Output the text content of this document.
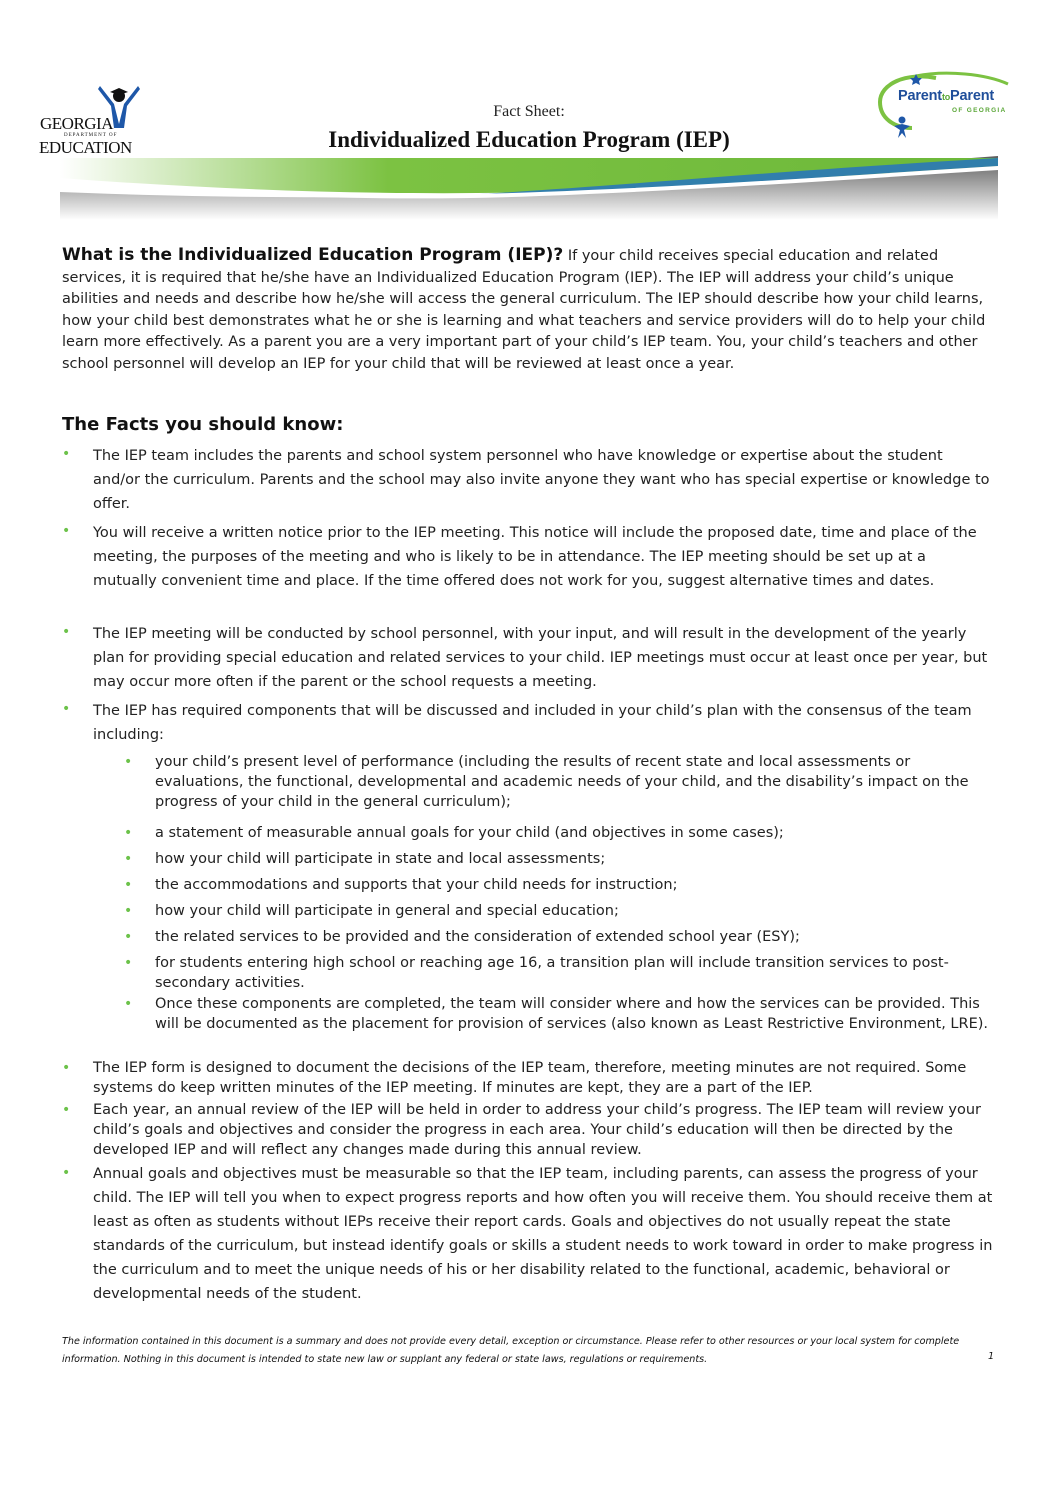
GEORGIA
DEPARTMENT OF
EDUCATION
ParenttoParent
OF GEORGIA
Fact Sheet:
Individualized Education Program (IEP)
What is the Individualized Education Program (IEP)? If your child receives special education and related services, it is required that he/she have an Individualized Education Program (IEP). The IEP will address your child’s unique abilities and needs and describe how he/she will access the general curriculum. The IEP should describe how your child learns, how your child best demonstrates what he or she is learning and what teachers and service providers will do to help your child learn more effectively. As a parent you are a very important part of your child’s IEP team. You, your child’s teachers and other school personnel will develop an IEP for your child that will be reviewed at least once a year.
The Facts you should know:
•
The IEP team includes the parents and school system personnel who have knowledge or expertise about the student and/or the curriculum. Parents and the school may also invite anyone they want who has special expertise or knowledge to offer.
•
You will receive a written notice prior to the IEP meeting. This notice will include the proposed date, time and place of the meeting, the purposes of the meeting and who is likely to be in attendance. The IEP meeting should be set up at a mutually convenient time and place. If the time offered does not work for you, suggest alternative times and dates.
•
The IEP meeting will be conducted by school personnel, with your input, and will result in the development of the yearly plan for providing special education and related services to your child. IEP meetings must occur at least once per year, but may occur more often if the parent or the school requests a meeting.
•
The IEP has required components that will be discussed and included in your child’s plan with the consensus of the team including:
•
your child’s present level of performance (including the results of recent state and local assessments or evaluations, the functional, developmental and academic needs of your child, and the disability’s impact on the progress of your child in the general curriculum);
•
a statement of measurable annual goals for your child (and objectives in some cases);
•
how your child will participate in state and local assessments;
•
the accommodations and supports that your child needs for instruction;
•
how your child will participate in general and special education;
•
the related services to be provided and the consideration of extended school year (ESY);
•
for students entering high school or reaching age 16, a transition plan will include transition services to post-secondary activities.
•
Once these components are completed, the team will consider where and how the services can be provided. This will be documented as the placement for provision of services (also known as Least Restrictive Environment, LRE).
•
The IEP form is designed to document the decisions of the IEP team, therefore, meeting minutes are not required. Some systems do keep written minutes of the IEP meeting. If minutes are kept, they are a part of the IEP.
•
Each year, an annual review of the IEP will be held in order to address your child’s progress. The IEP team will review your child’s goals and objectives and consider the progress in each area. Your child’s education will then be directed by the developed IEP and will reflect any changes made during this annual review.
•
Annual goals and objectives must be measurable so that the IEP team, including parents, can assess the progress of your child. The IEP will tell you when to expect progress reports and how often you will receive them. You should receive them at least as often as students without IEPs receive their report cards. Goals and objectives do not usually repeat the state standards of the curriculum, but instead identify goals or skills a student needs to work toward in order to make progress in the curriculum and to meet the unique needs of his or her disability related to the functional, academic, behavioral or developmental needs of the student.
The information contained in this document is a summary and does not provide every detail, exception or circumstance. Please refer to other resources or your local system for complete information. Nothing in this document is intended to state new law or supplant any federal or state laws, regulations or requirements.	1
